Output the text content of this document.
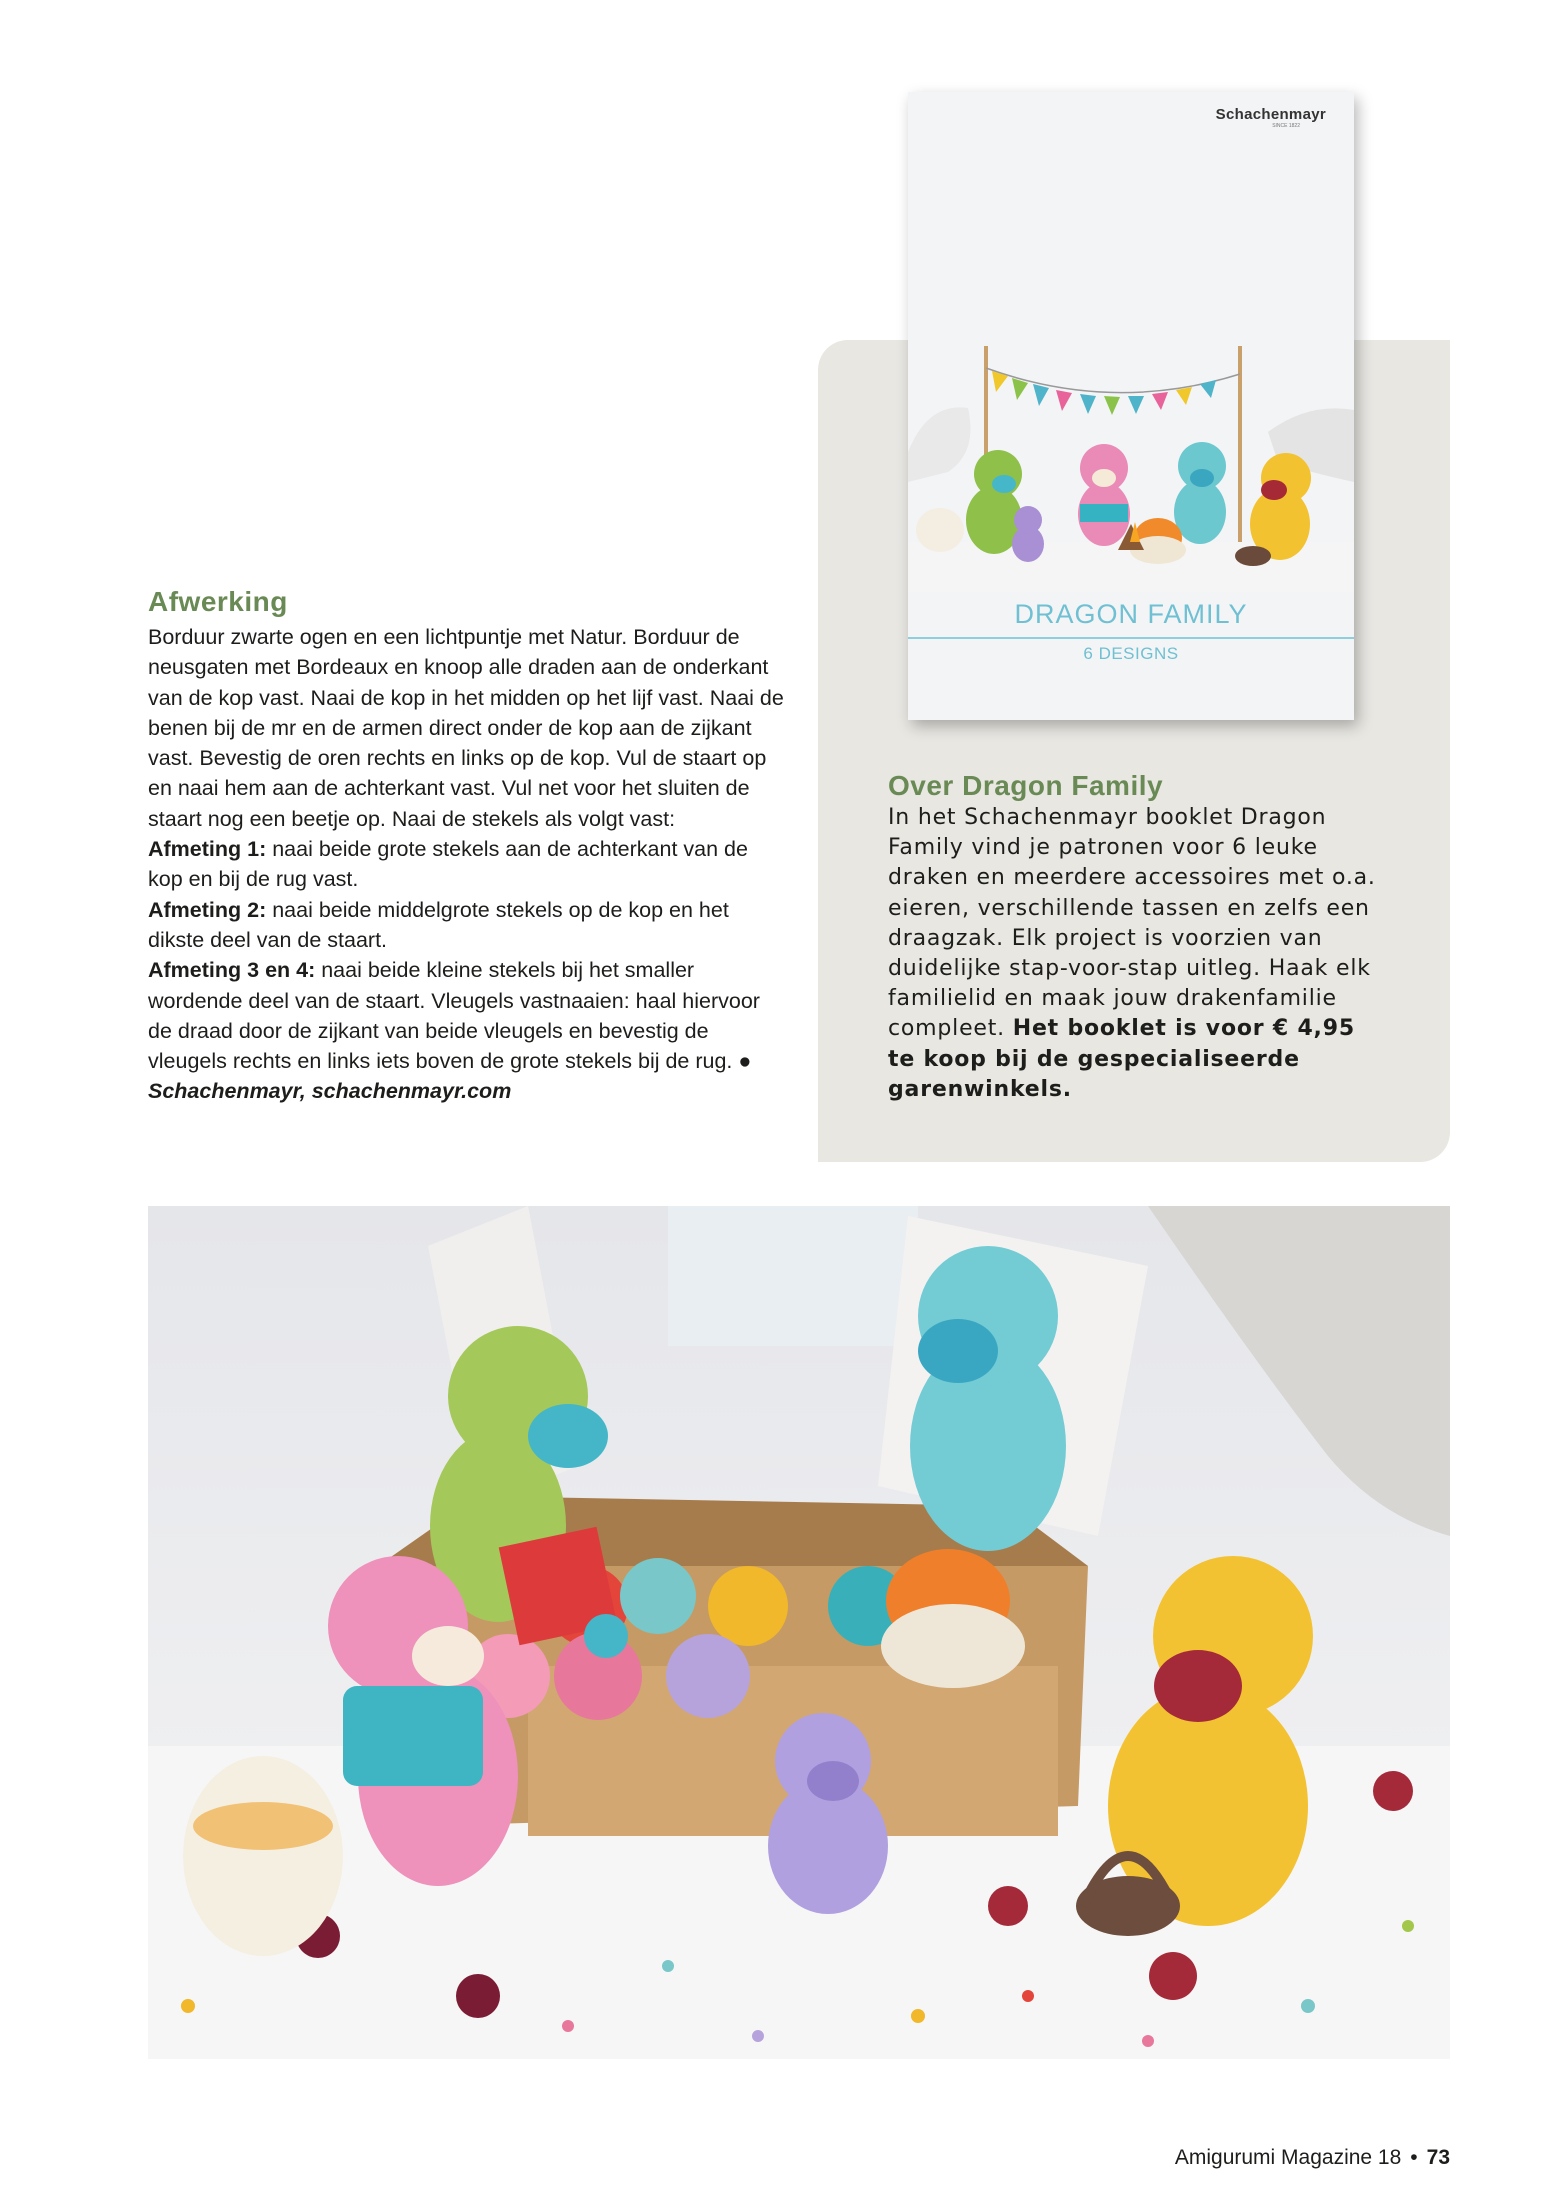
Afwerking

Borduur zwarte ogen en een lichtpuntje met Natur. Borduur de neusgaten met Bordeaux en knoop alle draden aan de onderkant van de kop vast. Naai de kop in het midden op het lijf vast. Naai de benen bij de mr en de armen direct onder de kop aan de zijkant vast. Bevestig de oren rechts en links op de kop. Vul de staart op en naai hem aan de achterkant vast. Vul net voor het sluiten de staart nog een beetje op. Naai de stekels als volgt vast:

Afmeting 1: naai beide grote stekels aan de achterkant van de kop en bij de rug vast.

Afmeting 2: naai beide middelgrote stekels op de kop en het dikste deel van de staart.

Afmeting 3 en 4: naai beide kleine stekels bij het smaller wordende deel van de staart. Vleugels vastnaaien: haal hiervoor de draad door de zijkant van beide vleugels en bevestig de vleugels rechts en links iets boven de grote stekels bij de rug. ●

Schachenmayr, schachenmayr.com

Over Dragon Family
In het Schachenmayr booklet Dragon Family vind je patronen voor 6 leuke draken en meerdere accessoires met o.a. eieren, verschillende tassen en zelfs een draagzak. Elk project is voorzien van duidelijke stap-voor-stap uitleg. Haak elk familielid en maak jouw drakenfamilie compleet. Het booklet is voor € 4,95 te koop bij de gespecialiseerde garenwinkels.
Schachenmayr
SINCE 1822
DRAGON FAMILY
6 DESIGNS
Amigurumi Magazine 18 • 73
